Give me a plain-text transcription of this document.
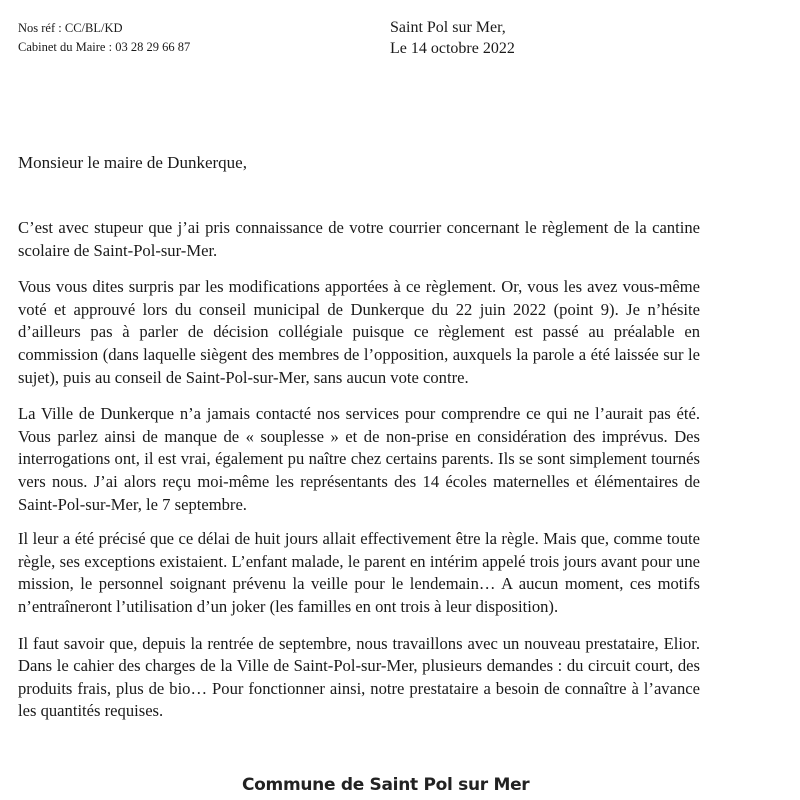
Nos réf : CC/BL/KD
Cabinet du Maire : 03 28 29 66 87
Saint Pol sur Mer,
Le 14 octobre 2022
Monsieur le maire de Dunkerque,

C’est avec stupeur que j’ai pris connaissance de votre courrier concernant le règlement de la cantine scolaire de Saint-Pol-sur-Mer.

Vous vous dites surpris par les modifications apportées à ce règlement. Or, vous les avez vous-même voté et approuvé lors du conseil municipal de Dunkerque du 22 juin 2022 (point 9). Je n’hésite d’ailleurs pas à parler de décision collégiale puisque ce règlement est passé au préalable en commission (dans laquelle siègent des membres de l’opposition, auxquels la parole a été laissée sur le sujet), puis au conseil de Saint-Pol-sur-Mer, sans aucun vote contre.

La Ville de Dunkerque n’a jamais contacté nos services pour comprendre ce qui ne l’aurait pas été. Vous parlez ainsi de manque de « souplesse » et de non-prise en considération des imprévus. Des interrogations ont, il est vrai, également pu naître chez certains parents. Ils se sont simplement tournés vers nous. J’ai alors reçu moi-même les représentants des 14 écoles maternelles et élémentaires de Saint-Pol-sur-Mer, le 7 septembre.

Il leur a été précisé que ce délai de huit jours allait effectivement être la règle. Mais que, comme toute règle, ses exceptions existaient. L’enfant malade, le parent en intérim appelé trois jours avant pour une mission, le personnel soignant prévenu la veille pour le lendemain… A aucun moment, ces motifs n’entraîneront l’utilisation d’un joker (les familles en ont trois à leur disposition).

Il faut savoir que, depuis la rentrée de septembre, nous travaillons avec un nouveau prestataire, Elior. Dans le cahier des charges de la Ville de Saint-Pol-sur-Mer, plusieurs demandes : du circuit court, des produits frais, plus de bio… Pour fonctionner ainsi, notre prestataire a besoin de connaître à l’avance les quantités requises.

Commune de Saint Pol sur Mer
